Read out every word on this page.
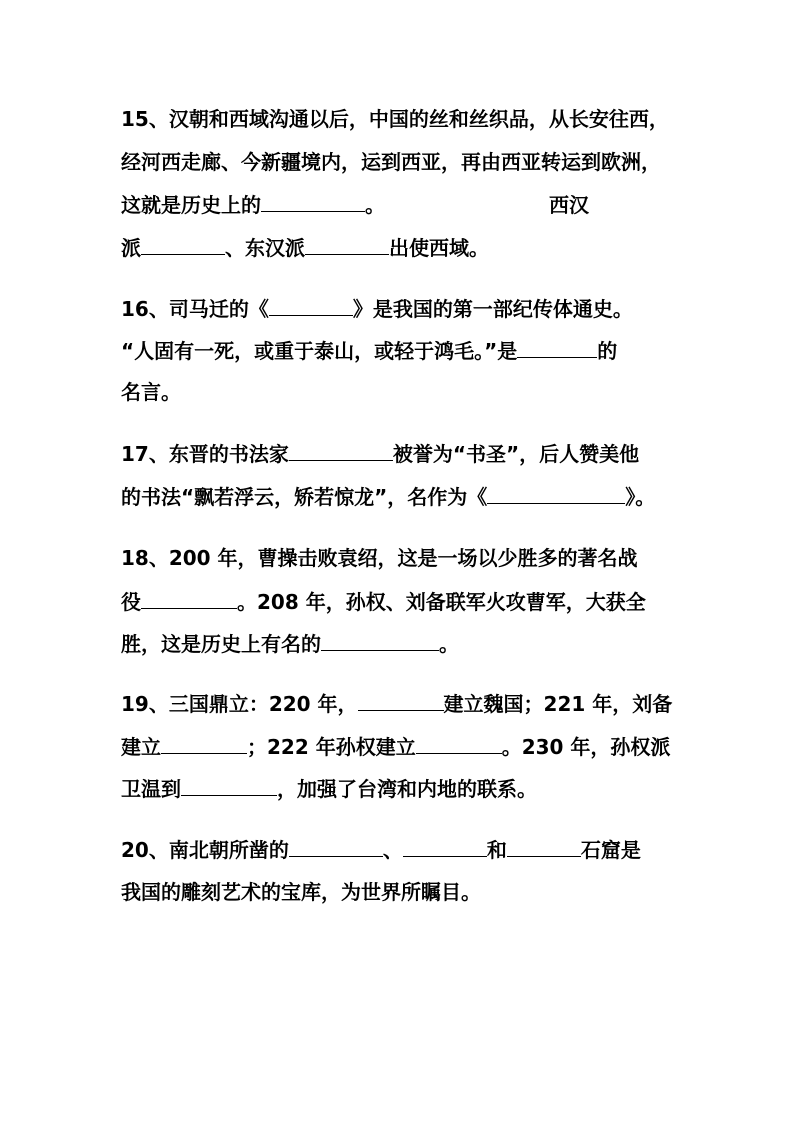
15、汉朝和西域沟通以后，中国的丝和丝织品，从长安往西，
经河西走廊、今新疆境内，运到西亚，再由西亚转运到欧洲，
这就是历史上的	。	西汉
派	、东汉派	出使西域。
16、司马迁的《	》是我国的第一部纪传体通史。
“人固有一死，或重于泰山，或轻于鸿毛。”是	的
名言。
17、东晋的书法家	被誉为“书圣”，后人赞美他
的书法“飘若浮云，矫若惊龙”，名作为《	》。
18、200 年，曹操击败袁绍，这是一场以少胜多的著名战
役	。208 年，孙权、刘备联军火攻曹军，大获全
胜，这是历史上有名的	。
19、三国鼎立：220 年，	建立魏国；221 年，刘备
建立	；222 年孙权建立	。230 年，孙权派
卫温到	，加强了台湾和内地的联系。
20、南北朝所凿的	、	和	石窟是
我国的雕刻艺术的宝库，为世界所瞩目。
